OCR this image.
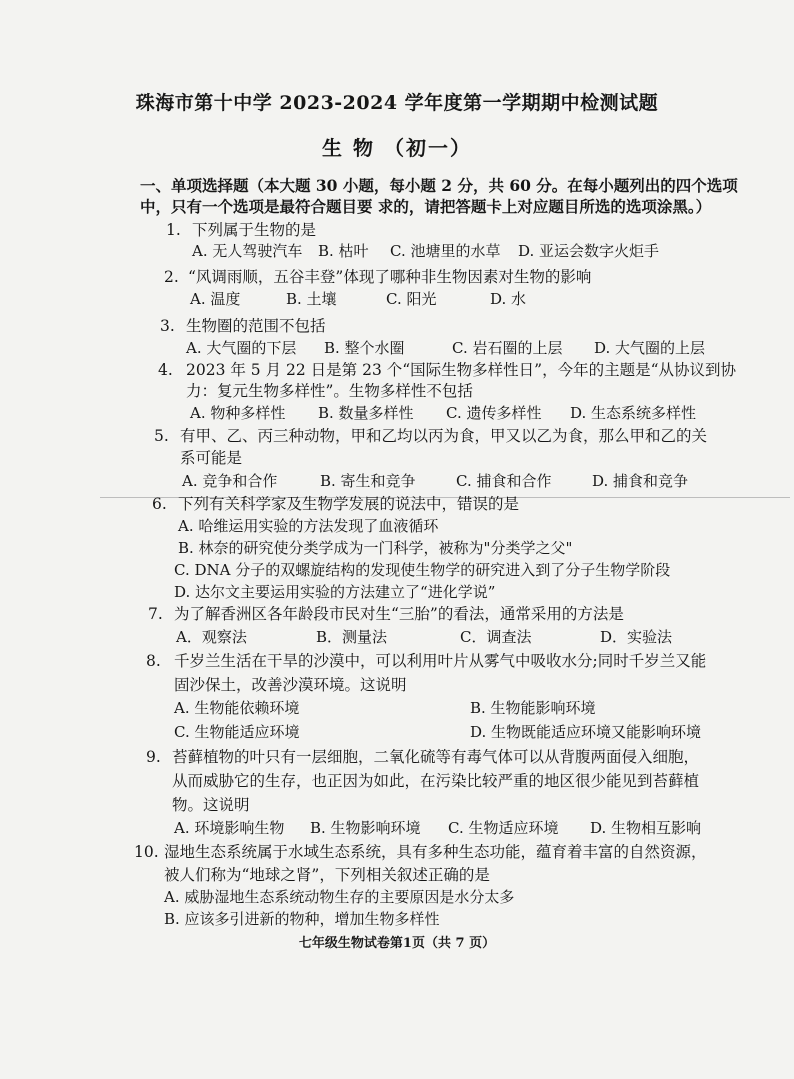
珠海市第十中学 2023-2024 学年度第一学期期中检测试题
生 物 （初一）
一、单项选择题（本大题 30 小题，每小题 2 分，共 60 分。在每小题列出的四个选项
中，只有一个选项是最符合题目要 求的，请把答题卡上对应题目所选的选项涂黑。）
1. 下列属于生物的是
A. 无人驾驶汽车 B. 枯叶 C. 池塘里的水草 D. 亚运会数字火炬手
2. “风调雨顺，五谷丰登”体现了哪种非生物因素对生物的影响
A. 温度	B. 土壤	C. 阳光	D. 水
3. 生物圈的范围不包括
A. 大气圈的下层 B. 整个水圈	C. 岩石圈的上层 D. 大气圈的上层
4. 2023 年 5 月 22 日是第 23 个“国际生物多样性日”，今年的主题是“从协议到协
力：复元生物多样性”。生物多样性不包括
A. 物种多样性 B. 数量多样性 C. 遗传多样性 D. 生态系统多样性
5. 有甲、乙、丙三种动物，甲和乙均以丙为食，甲又以乙为食，那么甲和乙的关
系可能是
A. 竞争和合作	B. 寄生和竞争	C. 捕食和合作	D. 捕食和竞争
6. 下列有关科学家及生物学发展的说法中，错误的是
A. 哈维运用实验的方法发现了血液循环
B. 林奈的研究使分类学成为一门科学，被称为"分类学之父"
C. DNA 分子的双螺旋结构的发现使生物学的研究进入到了分子生物学阶段
D. 达尔文主要运用实验的方法建立了“进化学说”
7. 为了解香洲区各年龄段市民对生“三胎”的看法，通常采用的方法是
A．观察法	B．测量法	C．调查法	D．实验法
8. 千岁兰生活在干旱的沙漠中，可以利用叶片从雾气中吸收水分;同时千岁兰又能
固沙保土，改善沙漠环境。这说明
A. 生物能依赖环境	B. 生物能影响环境
C. 生物能适应环境	D. 生物既能适应环境又能影响环境
9. 苔藓植物的叶只有一层细胞，二氧化硫等有毒气体可以从背腹两面侵入细胞，
从而威胁它的生存，也正因为如此，在污染比较严重的地区很少能见到苔藓植
物。这说明
A. 环境影响生物 B. 生物影响环境 C. 生物适应环境 D. 生物相互影响
10. 湿地生态系统属于水域生态系统，具有多种生态功能，蕴育着丰富的自然资源，
被人们称为“地球之肾”，下列相关叙述正确的是
A. 威胁湿地生态系统动物生存的主要原因是水分太多
B. 应该多引进新的物种，增加生物多样性
七年级生物试卷第1页（共 7 页）
